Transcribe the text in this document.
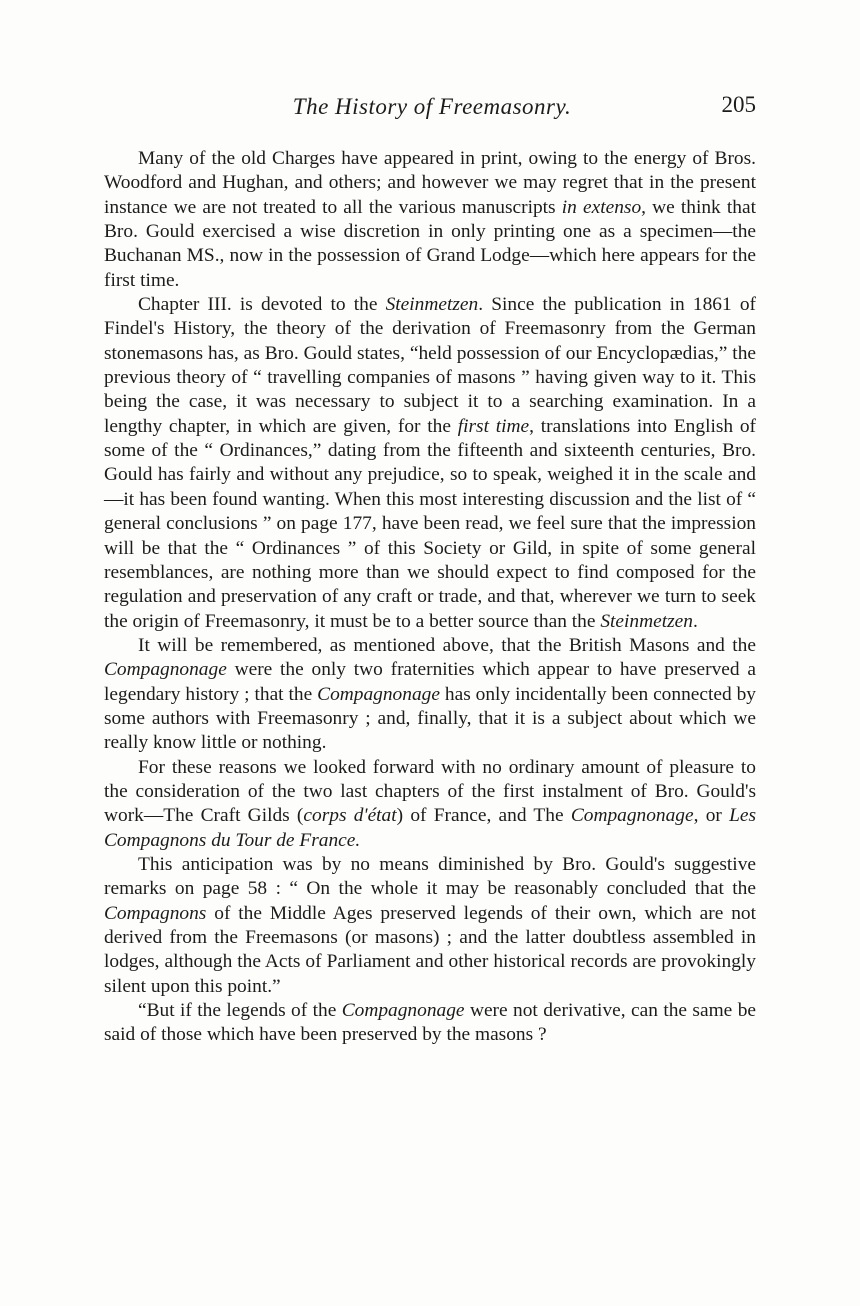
The History of Freemasonry.	205

Many of the old Charges have appeared in print, owing to the energy of Bros. Woodford and Hughan, and others; and however we may regret that in the present instance we are not treated to all the various manuscripts in extenso, we think that Bro. Gould exercised a wise discretion in only printing one as a specimen—the Buchanan MS., now in the possession of Grand Lodge—which here appears for the first time.

Chapter III. is devoted to the Steinmetzen. Since the publication in 1861 of Findel's History, the theory of the derivation of Freemasonry from the German stonemasons has, as Bro. Gould states, “held possession of our Encyclopædias,” the previous theory of “ travelling companies of masons ” having given way to it. This being the case, it was necessary to subject it to a searching examination. In a lengthy chapter, in which are given, for the first time, translations into English of some of the “ Ordinances,” dating from the fifteenth and sixteenth centuries, Bro. Gould has fairly and without any prejudice, so to speak, weighed it in the scale and—it has been found wanting. When this most interesting discussion and the list of “ general conclusions ” on page 177, have been read, we feel sure that the impression will be that the “ Ordinances ” of this Society or Gild, in spite of some general resemblances, are nothing more than we should expect to find composed for the regulation and preservation of any craft or trade, and that, wherever we turn to seek the origin of Freemasonry, it must be to a better source than the Steinmetzen.

It will be remembered, as mentioned above, that the British Masons and the Compagnonage were the only two fraternities which appear to have preserved a legendary history ; that the Compagnonage has only incidentally been connected by some authors with Freemasonry ; and, finally, that it is a subject about which we really know little or nothing.

For these reasons we looked forward with no ordinary amount of pleasure to the consideration of the two last chapters of the first instalment of Bro. Gould's work—The Craft Gilds (corps d'état) of France, and The Compagnonage, or Les Compagnons du Tour de France.

This anticipation was by no means diminished by Bro. Gould's suggestive remarks on page 58 : “ On the whole it may be reasonably concluded that the Compagnons of the Middle Ages preserved legends of their own, which are not derived from the Freemasons (or masons) ; and the latter doubtless assembled in lodges, although the Acts of Parliament and other historical records are provokingly silent upon this point.”

“But if the legends of the Compagnonage were not derivative, can the same be said of those which have been preserved by the masons ?
